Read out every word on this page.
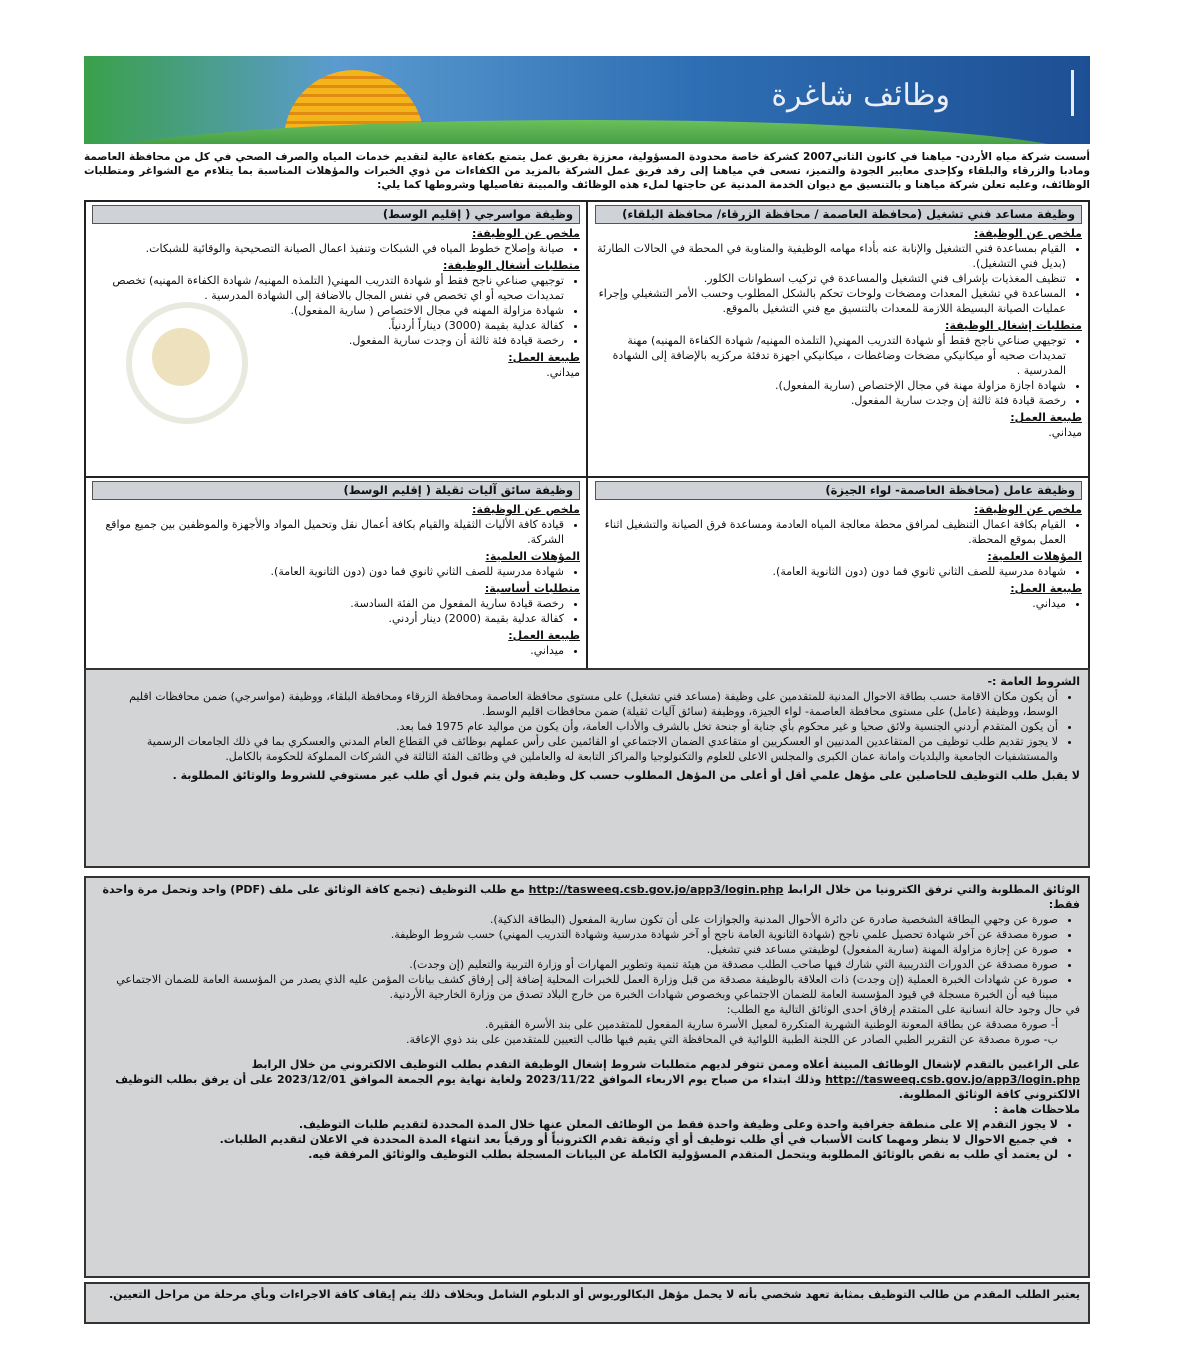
وظائف شاغرة
أسست شركة مياه الأردن- مياهنا في كانون الثاني2007 كشركة خاصة محدودة المسؤولية، معززة بفريق عمل يتمتع بكفاءة عالية لتقديم خدمات المياه والصرف الصحي في كل من محافظة العاصمة ومادبا والزرقاء والبلقاء وكإحدى معايير الجودة والتميز، تسعى في مياهنا إلى رفد فريق عمل الشركة بالمزيد من الكفاءات من ذوي الخبرات والمؤهلات المناسبة بما يتلاءم مع الشواغر ومتطلبات الوظائف، وعليه تعلن شركة مياهنا و بالتنسيق مع ديوان الخدمة المدنية عن حاجتها لملء هذه الوظائف والمبينة تفاصيلها وشروطها كما يلي:
وظيفة مساعد فني تشغيل (محافظة العاصمة / محافظة الزرقاء/ محافظة البلقاء)
ملخص عن الوظيفة:
• القيام بمساعدة فني التشغيل والإنابة عنه بأداء مهامه الوظيفية والمناوبة في المحطة في الحالات الطارئة (بديل فني التشغيل).
• تنظيف المغذيات بإشراف فني التشغيل والمساعدة في تركيب اسطوانات الكلور.
• المساعدة في تشغيل المعدات ومضخات ولوحات تحكم بالشكل المطلوب وحسب الأمر التشغيلي وإجراء عمليات الصيانة البسيطة اللازمة للمعدات بالتنسيق مع فني التشغيل بالموقع.
متطلبات إشغال الوظيفة:
• توجيهي صناعي ناجح فقط أو شهادة التدريب المهني( التلمذه المهنيه/ شهادة الكفاءة المهنيه) مهنة تمديدات صحيه أو ميكانيكي مضخات وضاغطات ، ميكانيكي اجهزة تدفئة مركزيه بالإضافة إلى الشهادة المدرسية .
• شهادة اجازة مزاولة مهنة في مجال الإختصاص (سارية المفعول).
• رخصة قيادة فئة ثالثة إن وجدت سارية المفعول.
طبيعة العمل:
ميداني.
وظيفة مواسرجي ( إقليم الوسط)
ملخص عن الوظيفة:
• صيانة وإصلاح خطوط المياه في الشبكات وتنفيذ اعمال الصيانة التصحيحية والوقائية للشبكات.
متطلبات أشغال الوظيفة:
• توجيهي صناعي ناجح فقط أو شهادة التدريب المهني( التلمذه المهنيه/ شهادة الكفاءة المهنيه) تخصص تمديدات صحيه أو اي تخصص في نفس المجال بالاضافة إلى الشهادة المدرسية .
• شهادة مزاولة المهنه في مجال الاختصاص ( سارية المفعول).
• كفالة عدلية بقيمة (3000) ديناراً أردنياً.
• رخصة قيادة فئة ثالثة أن وجدت سارية المفعول.
طبيعة العمل:
ميداني.
وظيفة عامل (محافظة العاصمة- لواء الجيزة)
ملخص عن الوظيفة:
• القيام بكافة اعمال التنظيف لمرافق محطة معالجة المياه العادمة ومساعدة فرق الصيانة والتشغيل اثناء العمل بموقع المحطة.
المؤهلات العلمية:
• شهادة مدرسية للصف الثاني ثانوي فما دون (دون الثانوية العامة).
طبيعة العمل:
• ميداني.
وظيفة سائق آليات ثقيلة ( إقليم الوسط)
ملخص عن الوظيفة:
• قيادة كافة الأليات الثقيلة والقيام بكافة أعمال نقل وتحميل المواد والأجهزة والموظفين بين جميع مواقع الشركة.
المؤهلات العلمية:
• شهادة مدرسية للصف الثاني ثانوي فما دون (دون الثانوية العامة).
متطلبات أساسية:
• رخصة قيادة سارية المفعول من الفئة السادسة.
• كفالة عدلية بقيمة (2000) دينار أردني.
طبيعة العمل:
• ميداني.
الشروط العامة :-
• أن يكون مكان الاقامة حسب بطاقة الاحوال المدنية للمتقدمين على وظيفة (مساعد فني تشغيل) على مستوى محافظة العاصمة ومحافظة الزرقاء ومحافظة البلقاء، ووظيفة (مواسرجي) ضمن محافظات اقليم الوسط، ووظيفة (عامل) على مستوى محافظة العاصمة- لواء الجيزة، ووظيفة (سائق آليات ثقيلة) ضمن محافظات اقليم الوسط.
• أن يكون المتقدم أردني الجنسية ولائق صحيا و غير محكوم بأي جناية أو جنحة تخل بالشرف والأداب العامة، وأن يكون من مواليد عام 1975 فما بعد.
• لا يجوز تقديم طلب توظيف من المتقاعدين المدنيين او العسكريين او متقاعدي الضمان الاجتماعي او القائمين على رأس عملهم بوظائف في القطاع العام المدني والعسكري بما في ذلك الجامعات الرسمية والمستشفيات الجامعية والبلديات وامانة عمان الكبرى والمجلس الاعلى للعلوم والتكنولوجيا والمراكز التابعة له والعاملين في وظائف الفئة الثالثة في الشركات المملوكة للحكومة بالكامل.
لا يقبل طلب التوظيف للحاصلين على مؤهل علمي أقل أو أعلى من المؤهل المطلوب حسب كل وظيفة ولن يتم قبول أي طلب غير مستوفي للشروط والوثائق المطلوبة .
الوثائق المطلوبة والتي ترفق الكترونيا من خلال الرابط http://tasweeq.csb.gov.jo/app3/login.php مع طلب التوظيف (تجمع كافة الوثائق على ملف (PDF) واحد وتحمل مرة واحدة فقط:
• صورة عن وجهي البطاقة الشخصية صادرة عن دائرة الأحوال المدنية والجوازات على أن تكون سارية المفعول (البطاقة الذكية).
• صورة مصدقة عن آخر شهادة تحصيل علمي ناجح (شهادة الثانوية العامة ناجح أو آخر شهادة مدرسية وشهادة التدريب المهني) حسب شروط الوظيفة.
• صورة عن إجازة مزاولة المهنة (سارية المفعول) لوظيفتي مساعد فني تشغيل.
• صورة مصدقة عن الدورات التدريبية التي شارك فيها صاحب الطلب مصدقة من هيئة تنمية وتطوير المهارات أو وزارة التربية والتعليم (إن وجدت).
• صورة عن شهادات الخبرة العملية (إن وجدت) ذات العلاقة بالوظيفة مصدقة من قبل وزارة العمل للخبرات المحلية إضافة إلى إرفاق كشف بيانات المؤمن عليه الذي يصدر من المؤسسة العامة للضمان الاجتماعي مبينا فيه أن الخبرة مسجلة في قيود المؤسسة العامة للضمان الاجتماعي وبخصوص شهادات الخبرة من خارج البلاد تصدق من وزارة الخارجية الأردنية.
في حال وجود حالة انسانية على المتقدم إرفاق احدى الوثائق التالية مع الطلب:
أ- صورة مصدقة عن بطاقة المعونة الوطنية الشهرية المتكررة لمعيل الأسرة سارية المفعول للمتقدمين على بند الأسرة الفقيرة.
ب- صورة مصدقة عن التقرير الطبي الصادر عن اللجنة الطبية اللوائية في المحافظة التي يقيم فيها طالب التعيين للمتقدمين على بند ذوي الإعاقة.
على الراغبين بالتقدم لإشغال الوظائف المبينة أعلاه وممن تتوفر لديهم متطلبات شروط إشغال الوظيفة التقدم بطلب التوظيف الالكتروني من خلال الرابط http://tasweeq.csb.gov.jo/app3/login.php وذلك ابتداء من صباح يوم الاربعاء الموافق 2023/11/22 ولغاية نهاية يوم الجمعة الموافق 2023/12/01 على أن يرفق بطلب التوظيف الالكتروني كافة الوثائق المطلوبة.
ملاحظات هامة :
• لا يجوز التقدم إلا على منطقة جغرافية واحدة وعلى وظيفة واحدة فقط من الوظائف المعلن عنها خلال المدة المحددة لتقديم طلبات التوظيف.
• في جميع الاحوال لا ينظر ومهما كانت الأسباب في أي طلب توظيف أو أي وثيقة تقدم الكترونياً أو ورقياً بعد انتهاء المدة المحددة في الاعلان لتقديم الطلبات.
• لن يعتمد أي طلب به نقص بالوثائق المطلوبة ويتحمل المتقدم المسؤولية الكاملة عن البيانات المسجلة بطلب التوظيف والوثائق المرفقة فيه.
يعتبر الطلب المقدم من طالب التوظيف بمثابة تعهد شخصي بأنه لا يحمل مؤهل البكالوريوس أو الدبلوم الشامل وبخلاف ذلك يتم إيقاف كافة الاجراءات وبأي مرحلة من مراحل التعيين.
